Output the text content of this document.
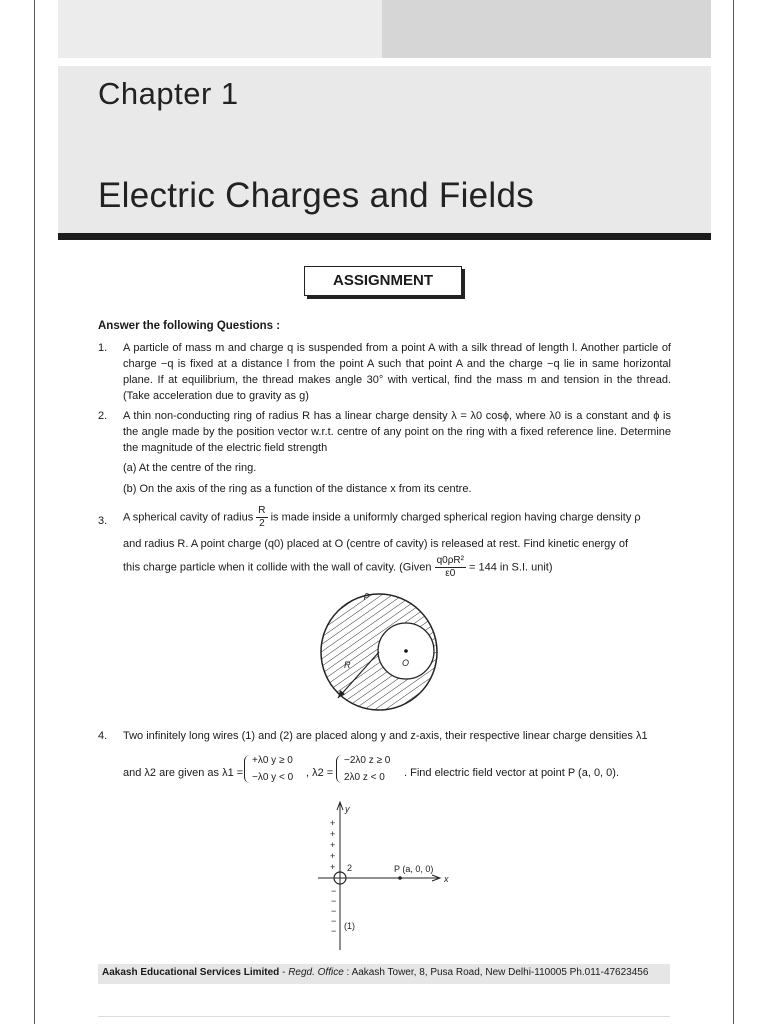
Chapter 1
Electric Charges and Fields
ASSIGNMENT
Answer the following Questions :
1. A particle of mass m and charge q is suspended from a point A with a silk thread of length l. Another particle of charge −q is fixed at a distance l from the point A such that point A and the charge −q lie in same horizontal plane. If at equilibrium, the thread makes angle 30° with vertical, find the mass m and tension in the thread. (Take acceleration due to gravity as g)
2. A thin non-conducting ring of radius R has a linear charge density λ = λ0 cosϕ, where λ0 is a constant and ϕ is the angle made by the position vector w.r.t. centre of any point on the ring with a fixed reference line. Determine the magnitude of the electric field strength
(a) At the centre of the ring.
(b) On the axis of the ring as a function of the distance x from its centre.
3. A spherical cavity of radius $\frac{R}{2}$ is made inside a uniformly charged spherical region having charge density ρ
and radius R. A point charge (q0) placed at O (centre of cavity) is released at rest. Find kinetic energy of
this charge particle when it collide with the wall of cavity. (Given $\frac{\text{q0ρR²}}{\varepsilon 0} = 144$ in S.I. unit)
ρ
R	O
4. Two infinitely long wires (1) and (2) are placed along y and z-axis, their respective linear charge densities λ1
and λ2 are given as λ1 =
+λ0 y ≥ 0
−λ0 y < 0 , λ2 =
−2λ0 z ≥ 0
2λ0 z < 0 . Find electric field vector at point P (a, 0, 0).
+
+
+
+
+
−
−
−
−
−
y
x
2
(1)
P (a, 0, 0)
Aakash Educational Services Limited - Regd. Office : Aakash Tower, 8, Pusa Road, New Delhi-110005 Ph.011-47623456
